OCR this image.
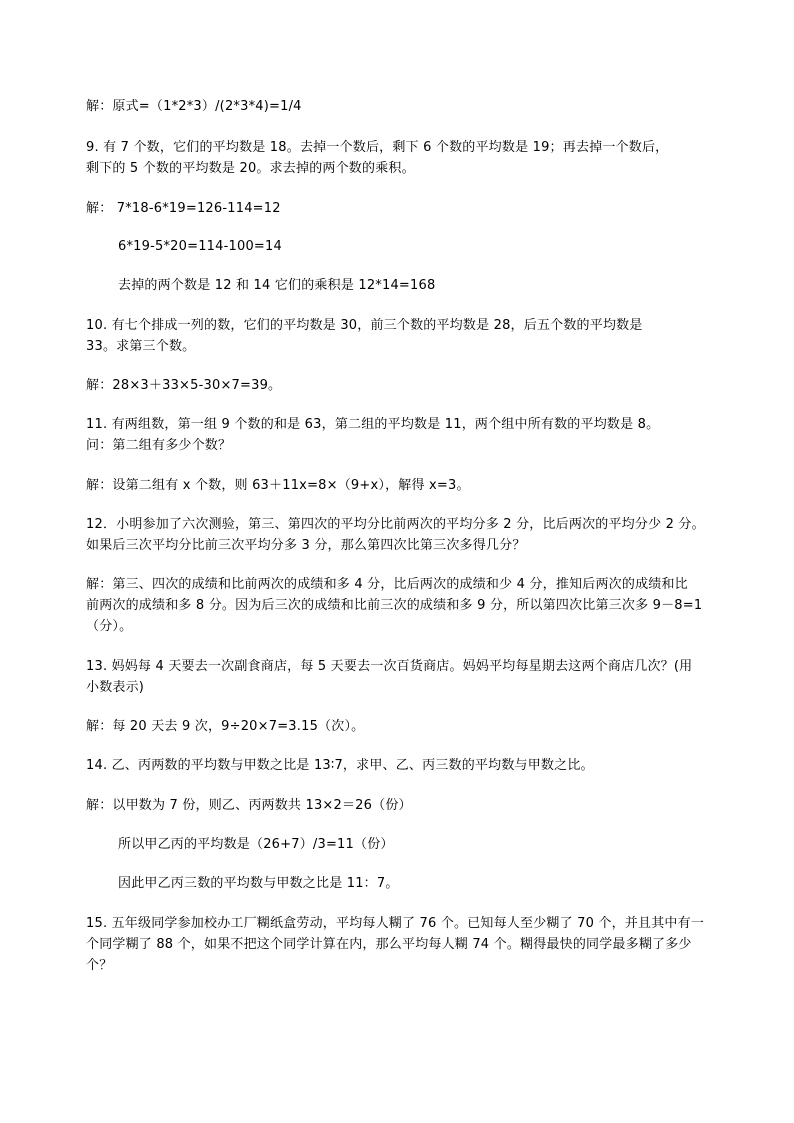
解：原式=（1*2*3）/(2*3*4)=1/4
9. 有 7 个数，它们的平均数是 18。去掉一个数后，剩下 6 个数的平均数是 19；再去掉一个数后，
剩下的 5 个数的平均数是 20。求去掉的两个数的乘积。
解： 7*18-6*19=126-114=12
6*19-5*20=114-100=14
去掉的两个数是 12 和 14 它们的乘积是 12*14=168
10. 有七个排成一列的数，它们的平均数是 30，前三个数的平均数是 28，后五个数的平均数是
33。求第三个数。
解：28×3＋33×5-30×7=39。
11. 有两组数，第一组 9 个数的和是 63，第二组的平均数是 11，两个组中所有数的平均数是 8。
问：第二组有多少个数？
解：设第二组有 x 个数，则 63＋11x=8×（9+x），解得 x=3。
12．小明参加了六次测验，第三、第四次的平均分比前两次的平均分多 2 分，比后两次的平均分少 2 分。
如果后三次平均分比前三次平均分多 3 分，那么第四次比第三次多得几分？
解：第三、四次的成绩和比前两次的成绩和多 4 分，比后两次的成绩和少 4 分，推知后两次的成绩和比
前两次的成绩和多 8 分。因为后三次的成绩和比前三次的成绩和多 9 分，所以第四次比第三次多 9－8=1
（分）。
13. 妈妈每 4 天要去一次副食商店，每 5 天要去一次百货商店。妈妈平均每星期去这两个商店几次？(用
小数表示)
解：每 20 天去 9 次，9÷20×7=3.15（次）。
14. 乙、丙两数的平均数与甲数之比是 13∶7，求甲、乙、丙三数的平均数与甲数之比。
解：以甲数为 7 份，则乙、丙两数共 13×2＝26（份）
所以甲乙丙的平均数是（26+7）/3=11（份）
因此甲乙丙三数的平均数与甲数之比是 11：7。
15. 五年级同学参加校办工厂糊纸盒劳动，平均每人糊了 76 个。已知每人至少糊了 70 个，并且其中有一
个同学糊了 88 个，如果不把这个同学计算在内，那么平均每人糊 74 个。糊得最快的同学最多糊了多少
个？
